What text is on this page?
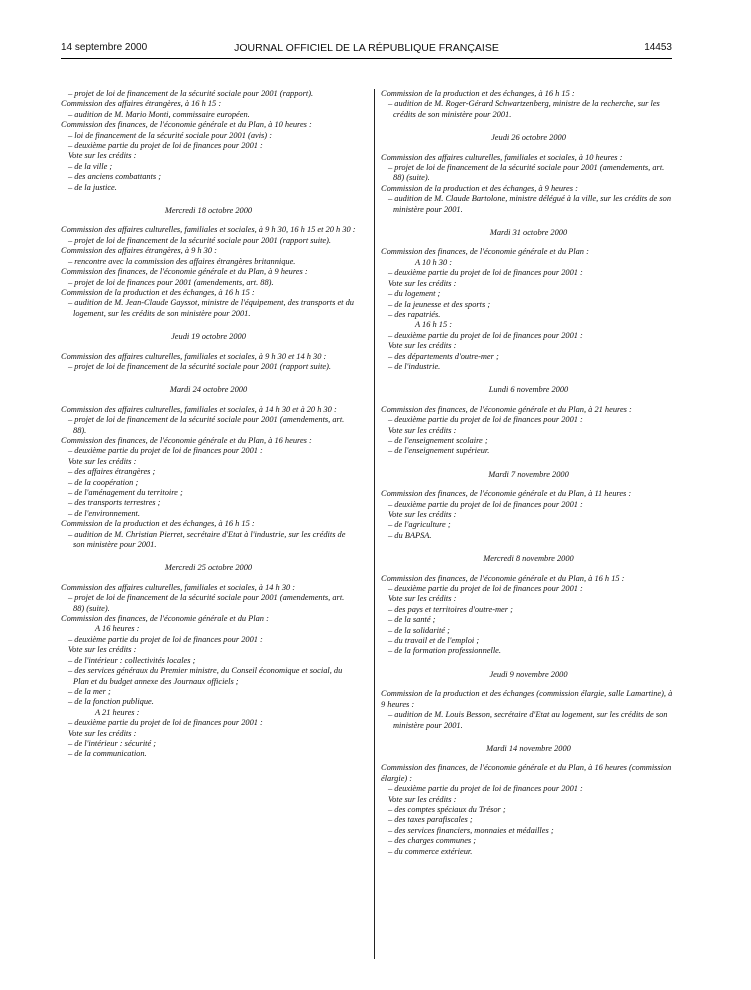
14 septembre 2000	JOURNAL OFFICIEL DE LA RÉPUBLIQUE FRANÇAISE	14453

– projet de loi de financement de la sécurité sociale pour 2001 (rapport).

Commission des affaires étrangères, à 16 h 15 :

– audition de M. Mario Monti, commissaire européen.

Commission des finances, de l'économie générale et du Plan, à 10 heures :

– loi de financement de la sécurité sociale pour 2001 (avis) :

– deuxième partie du projet de loi de finances pour 2001 :

Vote sur les crédits :

– de la ville ;

– des anciens combattants ;

– de la justice.

Mercredi 18 octobre 2000

Commission des affaires culturelles, familiales et sociales, à 9 h 30, 16 h 15 et 20 h 30 :

– projet de loi de financement de la sécurité sociale pour 2001 (rapport suite).

Commission des affaires étrangères, à 9 h 30 :

– rencontre avec la commission des affaires étrangères britannique.

Commission des finances, de l'économie générale et du Plan, à 9 heures :

– projet de loi de finances pour 2001 (amendements, art. 88).

Commission de la production et des échanges, à 16 h 15 :

– audition de M. Jean-Claude Gayssot, ministre de l'équipement, des transports et du logement, sur les crédits de son ministère pour 2001.

Jeudi 19 octobre 2000

Commission des affaires culturelles, familiales et sociales, à 9 h 30 et 14 h 30 :

– projet de loi de financement de la sécurité sociale pour 2001 (rapport suite).

Mardi 24 octobre 2000

Commission des affaires culturelles, familiales et sociales, à 14 h 30 et à 20 h 30 :

– projet de loi de financement de la sécurité sociale pour 2001 (amendements, art. 88).

Commission des finances, de l'économie générale et du Plan, à 16 heures :

– deuxième partie du projet de loi de finances pour 2001 :

Vote sur les crédits :

– des affaires étrangères ;

– de la coopération ;

– de l'aménagement du territoire ;

– des transports terrestres ;

– de l'environnement.

Commission de la production et des échanges, à 16 h 15 :

– audition de M. Christian Pierret, secrétaire d'Etat à l'industrie, sur les crédits de son ministère pour 2001.

Mercredi 25 octobre 2000

Commission des affaires culturelles, familiales et sociales, à 14 h 30 :

– projet de loi de financement de la sécurité sociale pour 2001 (amendements, art. 88) (suite).

Commission des finances, de l'économie générale et du Plan :

A 16 heures :

– deuxième partie du projet de loi de finances pour 2001 :

Vote sur les crédits :

– de l'intérieur : collectivités locales ;

– des services généraux du Premier ministre, du Conseil économique et social, du Plan et du budget annexe des Journaux officiels ;

– de la mer ;

– de la fonction publique.

A 21 heures :

– deuxième partie du projet de loi de finances pour 2001 :

Vote sur les crédits :

– de l'intérieur : sécurité ;

– de la communication.

Commission de la production et des échanges, à 16 h 15 :

– audition de M. Roger-Gérard Schwartzenberg, ministre de la recherche, sur les crédits de son ministère pour 2001.

Jeudi 26 octobre 2000

Commission des affaires culturelles, familiales et sociales, à 10 heures :

– projet de loi de financement de la sécurité sociale pour 2001 (amendements, art. 88) (suite).

Commission de la production et des échanges, à 9 heures :

– audition de M. Claude Bartolone, ministre délégué à la ville, sur les crédits de son ministère pour 2001.

Mardi 31 octobre 2000

Commission des finances, de l'économie générale et du Plan :

A 10 h 30 :

– deuxième partie du projet de loi de finances pour 2001 :

Vote sur les crédits :

– du logement ;

– de la jeunesse et des sports ;

– des rapatriés.

A 16 h 15 :

– deuxième partie du projet de loi de finances pour 2001 :

Vote sur les crédits :

– des départements d'outre-mer ;

– de l'industrie.

Lundi 6 novembre 2000

Commission des finances, de l'économie générale et du Plan, à 21 heures :

– deuxième partie du projet de loi de finances pour 2001 :

Vote sur les crédits :

– de l'enseignement scolaire ;

– de l'enseignement supérieur.

Mardi 7 novembre 2000

Commission des finances, de l'économie générale et du Plan, à 11 heures :

– deuxième partie du projet de loi de finances pour 2001 :

Vote sur les crédits :

– de l'agriculture ;

– du BAPSA.

Mercredi 8 novembre 2000

Commission des finances, de l'économie générale et du Plan, à 16 h 15 :

– deuxième partie du projet de loi de finances pour 2001 :

Vote sur les crédits :

– des pays et territoires d'outre-mer ;

– de la santé ;

– de la solidarité ;

– du travail et de l'emploi ;

– de la formation professionnelle.

Jeudi 9 novembre 2000

Commission de la production et des échanges (commission élargie, salle Lamartine), à 9 heures :

– audition de M. Louis Besson, secrétaire d'Etat au logement, sur les crédits de son ministère pour 2001.

Mardi 14 novembre 2000

Commission des finances, de l'économie générale et du Plan, à 16 heures (commission élargie) :

– deuxième partie du projet de loi de finances pour 2001 :

Vote sur les crédits :

– des comptes spéciaux du Trésor ;

– des taxes parafiscales ;

– des services financiers, monnaies et médailles ;

– des charges communes ;

– du commerce extérieur.
